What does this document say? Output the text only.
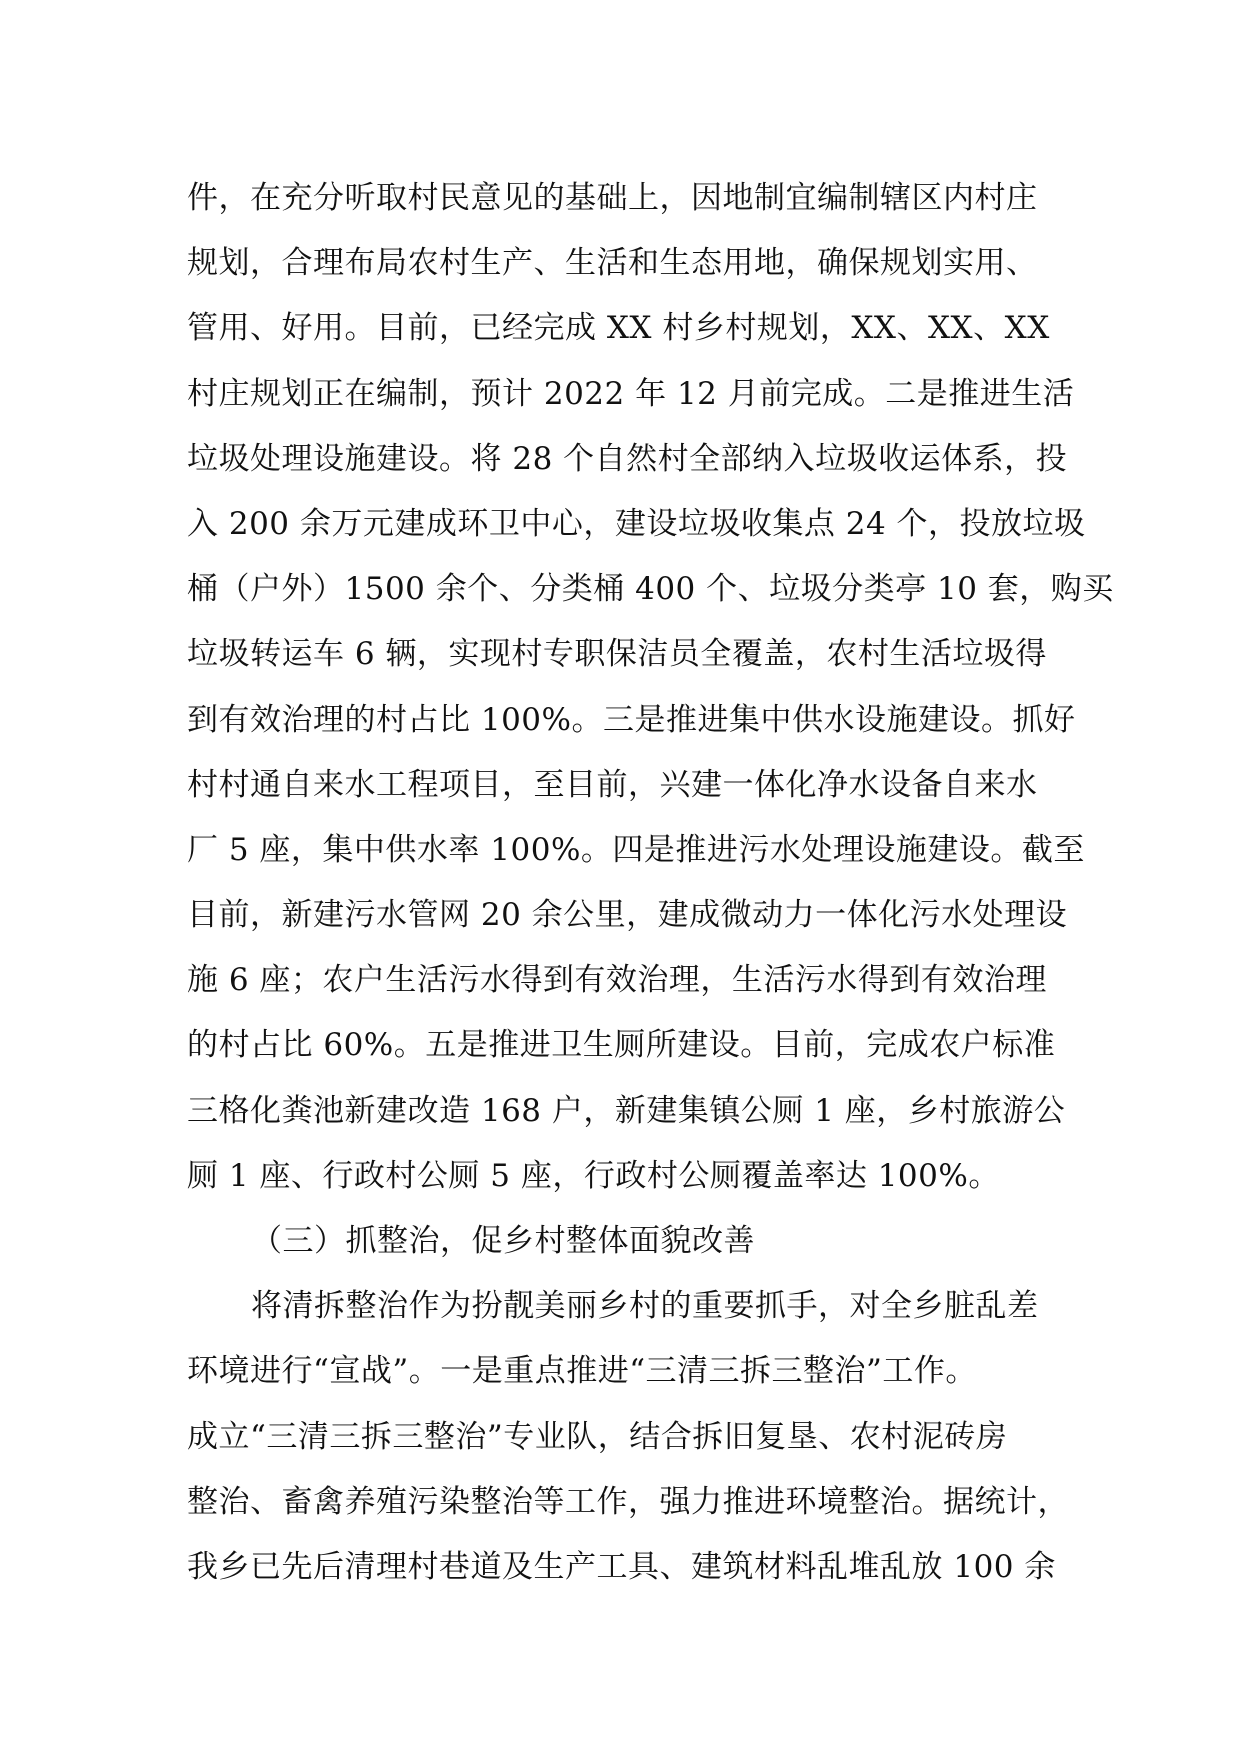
件，在充分听取村民意见的基础上，因地制宜编制辖区内村庄
规划，合理布局农村生产、生活和生态用地，确保规划实用、
管用、好用。目前，已经完成 XX 村乡村规划，XX、XX、XX
村庄规划正在编制，预计 2022 年 12 月前完成。二是推进生活
垃圾处理设施建设。将 28 个自然村全部纳入垃圾收运体系，投
入 200 余万元建成环卫中心，建设垃圾收集点 24 个，投放垃圾
桶（户外）1500 余个、分类桶 400 个、垃圾分类亭 10 套，购买
垃圾转运车 6 辆，实现村专职保洁员全覆盖，农村生活垃圾得
到有效治理的村占比 100%。三是推进集中供水设施建设。抓好
村村通自来水工程项目，至目前，兴建一体化净水设备自来水
厂 5 座，集中供水率 100%。四是推进污水处理设施建设。截至
目前，新建污水管网 20 余公里，建成微动力一体化污水处理设
施 6 座；农户生活污水得到有效治理，生活污水得到有效治理
的村占比 60%。五是推进卫生厕所建设。目前，完成农户标准
三格化粪池新建改造 168 户，新建集镇公厕 1 座，乡村旅游公
厕 1 座、行政村公厕 5 座，行政村公厕覆盖率达 100%。
（三）抓整治，促乡村整体面貌改善
将清拆整治作为扮靓美丽乡村的重要抓手，对全乡脏乱差
环境进行“宣战”。一是重点推进“三清三拆三整治”工作。
成立“三清三拆三整治”专业队，结合拆旧复垦、农村泥砖房
整治、畜禽养殖污染整治等工作，强力推进环境整治。据统计，
我乡已先后清理村巷道及生产工具、建筑材料乱堆乱放 100 余
